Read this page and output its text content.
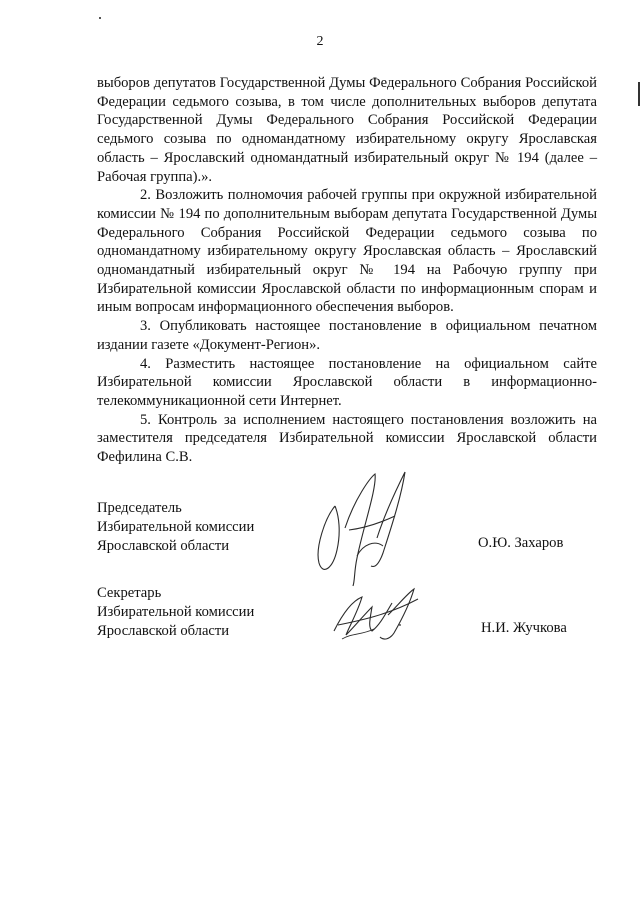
2

выборов депутатов Государственной Думы Федерального Собрания Российской Федерации седьмого созыва, в том числе дополнительных выборов депутата Государственной Думы Федерального Собрания Российской Федерации седьмого созыва по одномандатному избирательному округу Ярославская область – Ярославский одномандатный избирательный округ № 194 (далее – Рабочая группа).».

2. Возложить полномочия рабочей группы при окружной избирательной комиссии № 194 по дополнительным выборам депутата Государственной Думы Федерального Собрания Российской Федерации седьмого созыва по одномандатному избирательному округу Ярославская область – Ярославский одномандатный избирательный округ № 194 на Рабочую группу при Избирательной комиссии Ярославской области по информационным спорам и иным вопросам информационного обеспечения выборов.

3. Опубликовать настоящее постановление в официальном печатном издании газете «Документ-Регион».

4. Разместить настоящее постановление на официальном сайте Избирательной комиссии Ярославской области в информационно-телекоммуникационной сети Интернет.

5. Контроль за исполнением настоящего постановления возложить на заместителя председателя Избирательной комиссии Ярославской области Фефилина С.В.

Председатель
Избирательной комиссии
Ярославской области	О.Ю. Захаров
Секретарь
Избирательной комиссии
Ярославской области	Н.И. Жучкова
